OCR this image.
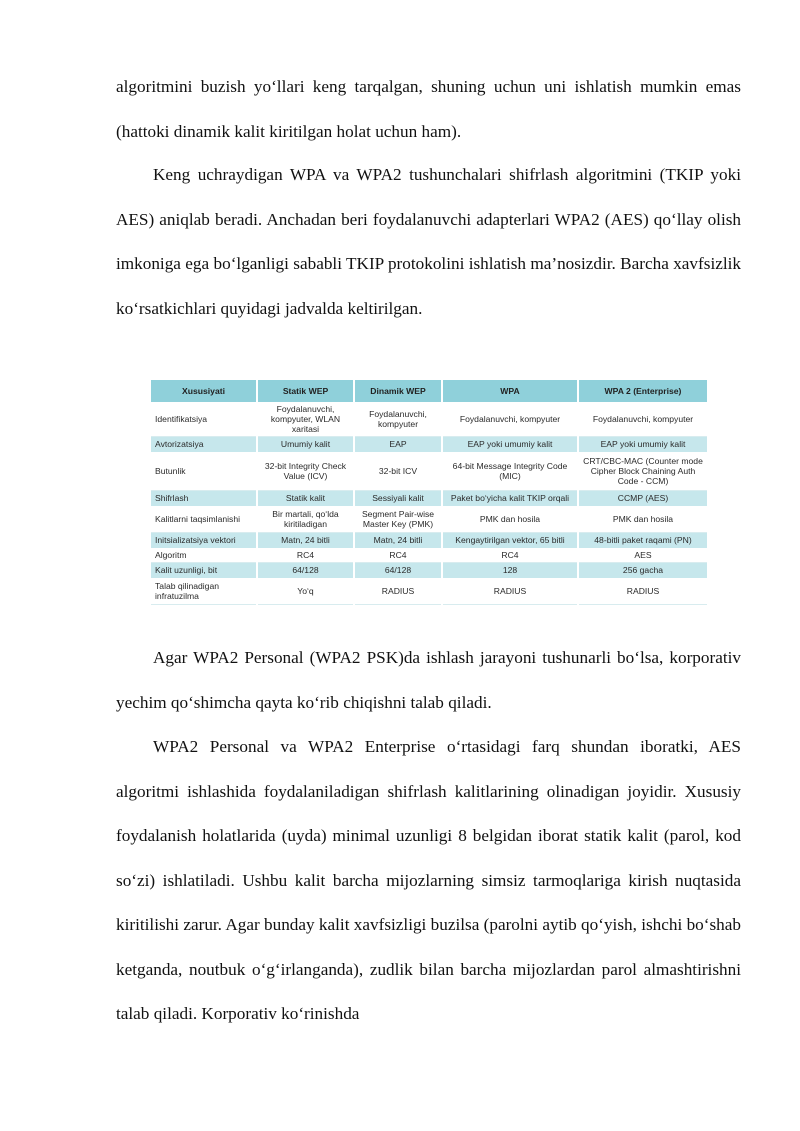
algoritmini buzish yo‘llari keng tarqalgan, shuning uchun uni ishlatish mumkin emas (hattoki dinamik kalit kiritilgan holat uchun ham).

Keng uchraydigan WPA va WPA2 tushunchalari shifrlash algoritmini (TKIP yoki AES) aniqlab beradi. Anchadan beri foydalanuvchi adapterlari WPA2 (AES) qo‘llay olish imkoniga ega bo‘lganligi sababli TKIP protokolini ishlatish ma’nosizdir. Barcha xavfsizlik ko‘rsatkichlari quyidagi jadvalda keltirilgan.

Xususiyati	Statik WEP	Dinamik WEP	WPA	WPA 2 (Enterprise)
Identifikatsiya	Foydalanuvchi, kompyuter, WLAN xaritasi	Foydalanuvchi, kompyuter	Foydalanuvchi, kompyuter	Foydalanuvchi, kompyuter
Avtorizatsiya	Umumiy kalit	EAP	EAP yoki umumiy kalit	EAP yoki umumiy kalit
Butunlik	32-bit Integrity Check Value (ICV)	32-bit ICV	64-bit Message Integrity Code (MIC)	CRT/CBC-MAC (Counter mode Cipher Block Chaining Auth Code - CCM)
Shifrlash	Statik kalit	Sessiyali kalit	Paket bo‘yicha kalit TKIP orqali	CCMP (AES)
Kalitlarni taqsimlanishi	Bir martali, qo‘lda kiritiladigan	Segment Pair-wise Master Key (PMK)	PMK dan hosila	PMK dan hosila
Initsializatsiya vektori	Matn, 24 bitli	Matn, 24 bitli	Kengaytirilgan vektor, 65 bitli	48-bitli paket raqami (PN)
Algoritm	RC4	RC4	RC4	AES
Kalit uzunligi, bit	64/128	64/128	128	256 gacha
Talab qilinadigan infratuzilma	Yo‘q	RADIUS	RADIUS	RADIUS

Agar WPA2 Personal (WPA2 PSK)da ishlash jarayoni tushunarli bo‘lsa, korporativ yechim qo‘shimcha qayta ko‘rib chiqishni talab qiladi.

WPA2 Personal va WPA2 Enterprise o‘rtasidagi farq shundan iboratki, AES algoritmi ishlashida foydalaniladigan shifrlash kalitlarining olinadigan joyidir. Xususiy foydalanish holatlarida (uyda) minimal uzunligi 8 belgidan iborat statik kalit (parol, kod so‘zi) ishlatiladi. Ushbu kalit barcha mijozlarning simsiz tarmoqlariga kirish nuqtasida kiritilishi zarur. Agar bunday kalit xavfsizligi buzilsa (parolni aytib qo‘yish, ishchi bo‘shab ketganda, noutbuk o‘g‘irlanganda), zudlik bilan barcha mijozlardan parol almashtirishni talab qiladi. Korporativ ko‘rinishda
